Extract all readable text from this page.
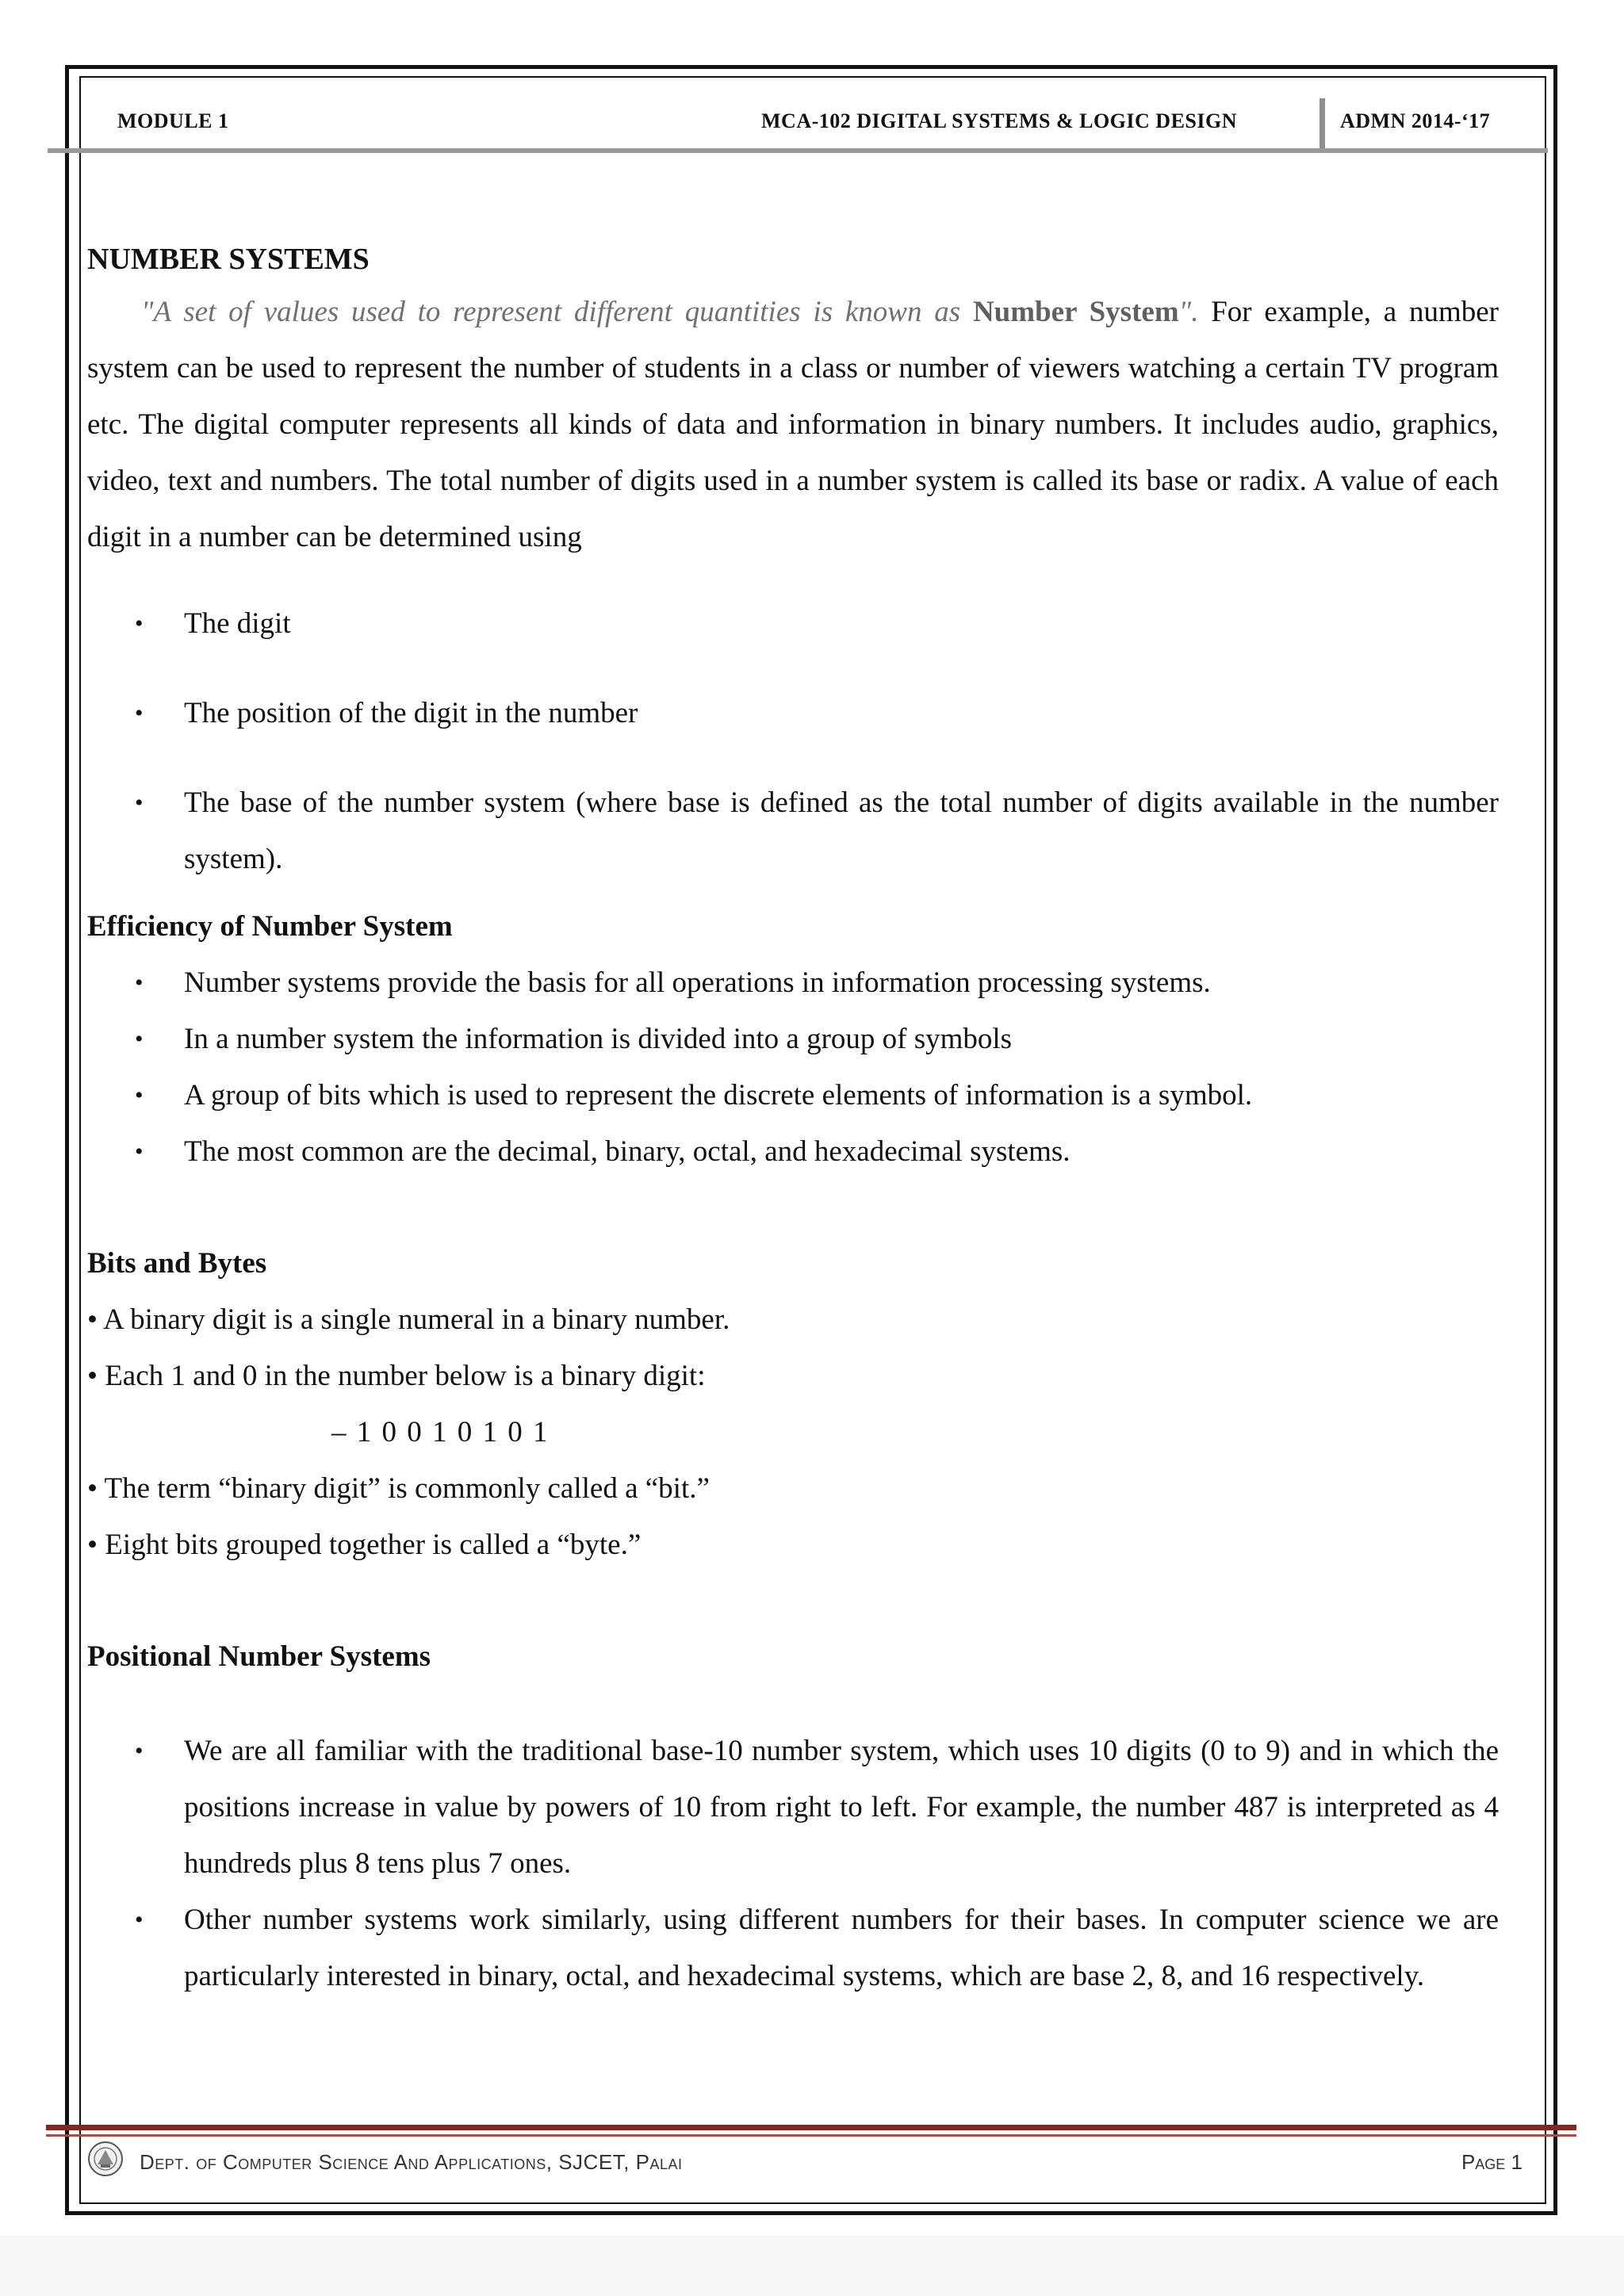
MODULE 1	MCA-102 DIGITAL SYSTEMS & LOGIC DESIGN	ADMN 2014-‘17
NUMBER SYSTEMS

"A set of values used to represent different quantities is known as Number System". For example, a number system can be used to represent the number of students in a class or number of viewers watching a certain TV program etc. The digital computer represents all kinds of data and information in binary numbers. It includes audio, graphics, video, text and numbers. The total number of digits used in a number system is called its base or radix. A value of each digit in a number can be determined using

• The digit
• The position of the digit in the number
• The base of the number system (where base is defined as the total number of digits available in the number system).

Efficiency of Number System

• Number systems provide the basis for all operations in information processing systems.
• In a number system the information is divided into a group of symbols
• A group of bits which is used to represent the discrete elements of information is a symbol.
• The most common are the decimal, binary, octal, and hexadecimal systems.

Bits and Bytes

• A binary digit is a single numeral in a binary number.

• Each 1 and 0 in the number below is a binary digit:

– 1 0 0 1 0 1 0 1

• The term “binary digit” is commonly called a “bit.”

• Eight bits grouped together is called a “byte.”

Positional Number Systems

• We are all familiar with the traditional base-10 number system, which uses 10 digits (0 to 9) and in which the positions increase in value by powers of 10 from right to left. For example, the number 487 is interpreted as 4 hundreds plus 8 tens plus 7 ones.
• Other number systems work similarly, using different numbers for their bases. In computer science we are particularly interested in binary, octal, and hexadecimal systems, which are base 2, 8, and 16 respectively.
Dept. of Computer Science And Applications, SJCET, Palai	Page 1
